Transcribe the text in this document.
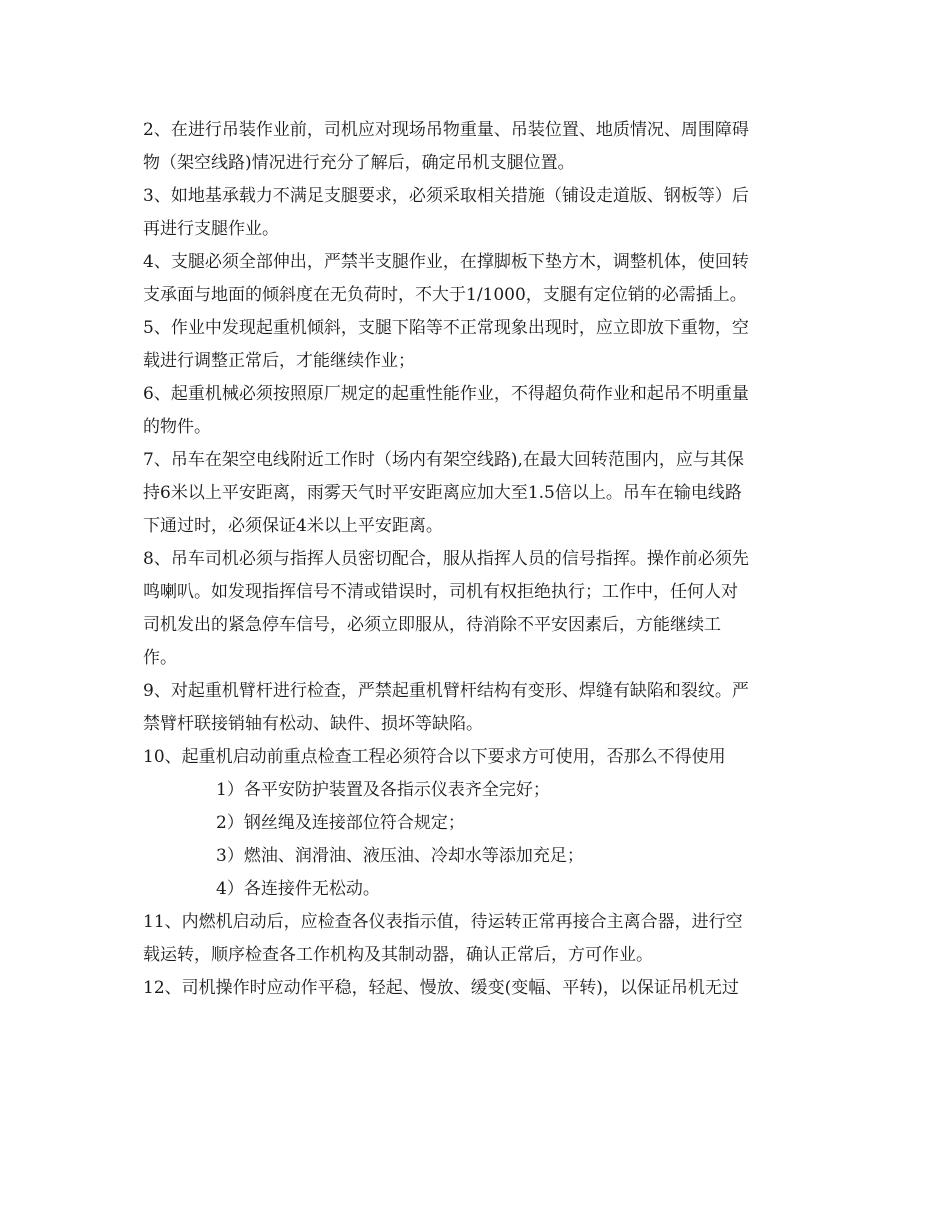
2、在进行吊装作业前，司机应对现场吊物重量、吊装位置、地质情况、周围障碍
物（架空线路)情况进行充分了解后，确定吊机支腿位置。
3、如地基承载力不满足支腿要求，必须采取相关措施（铺设走道版、钢板等）后
再进行支腿作业。
4、支腿必须全部伸出，严禁半支腿作业，在撑脚板下垫方木，调整机体，使回转
支承面与地面的倾斜度在无负荷时，不大于1/1000，支腿有定位销的必需插上。
5、作业中发现起重机倾斜，支腿下陷等不正常现象出现时，应立即放下重物，空
载进行调整正常后，才能继续作业；
6、起重机械必须按照原厂规定的起重性能作业，不得超负荷作业和起吊不明重量
的物件。
7、吊车在架空电线附近工作时（场内有架空线路),在最大回转范围内，应与其保
持6米以上平安距离，雨雾天气时平安距离应加大至1.5倍以上。吊车在输电线路
下通过时，必须保证4米以上平安距离。
8、吊车司机必须与指挥人员密切配合，服从指挥人员的信号指挥。操作前必须先
鸣喇叭。如发现指挥信号不清或错误时，司机有权拒绝执行；工作中，任何人对
司机发出的紧急停车信号，必须立即服从，待消除不平安因素后，方能继续工
作。
9、对起重机臂杆进行检查，严禁起重机臂杆结构有变形、焊缝有缺陷和裂纹。严
禁臂杆联接销轴有松动、缺件、损坏等缺陷。
10、起重机启动前重点检查工程必须符合以下要求方可使用，否那么不得使用
1）各平安防护装置及各指示仪表齐全完好；
2）钢丝绳及连接部位符合规定；
3）燃油、润滑油、液压油、冷却水等添加充足；
4）各连接件无松动。
11、内燃机启动后，应检查各仪表指示值，待运转正常再接合主离合器，进行空
载运转，顺序检查各工作机构及其制动器，确认正常后，方可作业。
12、司机操作时应动作平稳，轻起、慢放、缓变(变幅、平转)，以保证吊机无过
